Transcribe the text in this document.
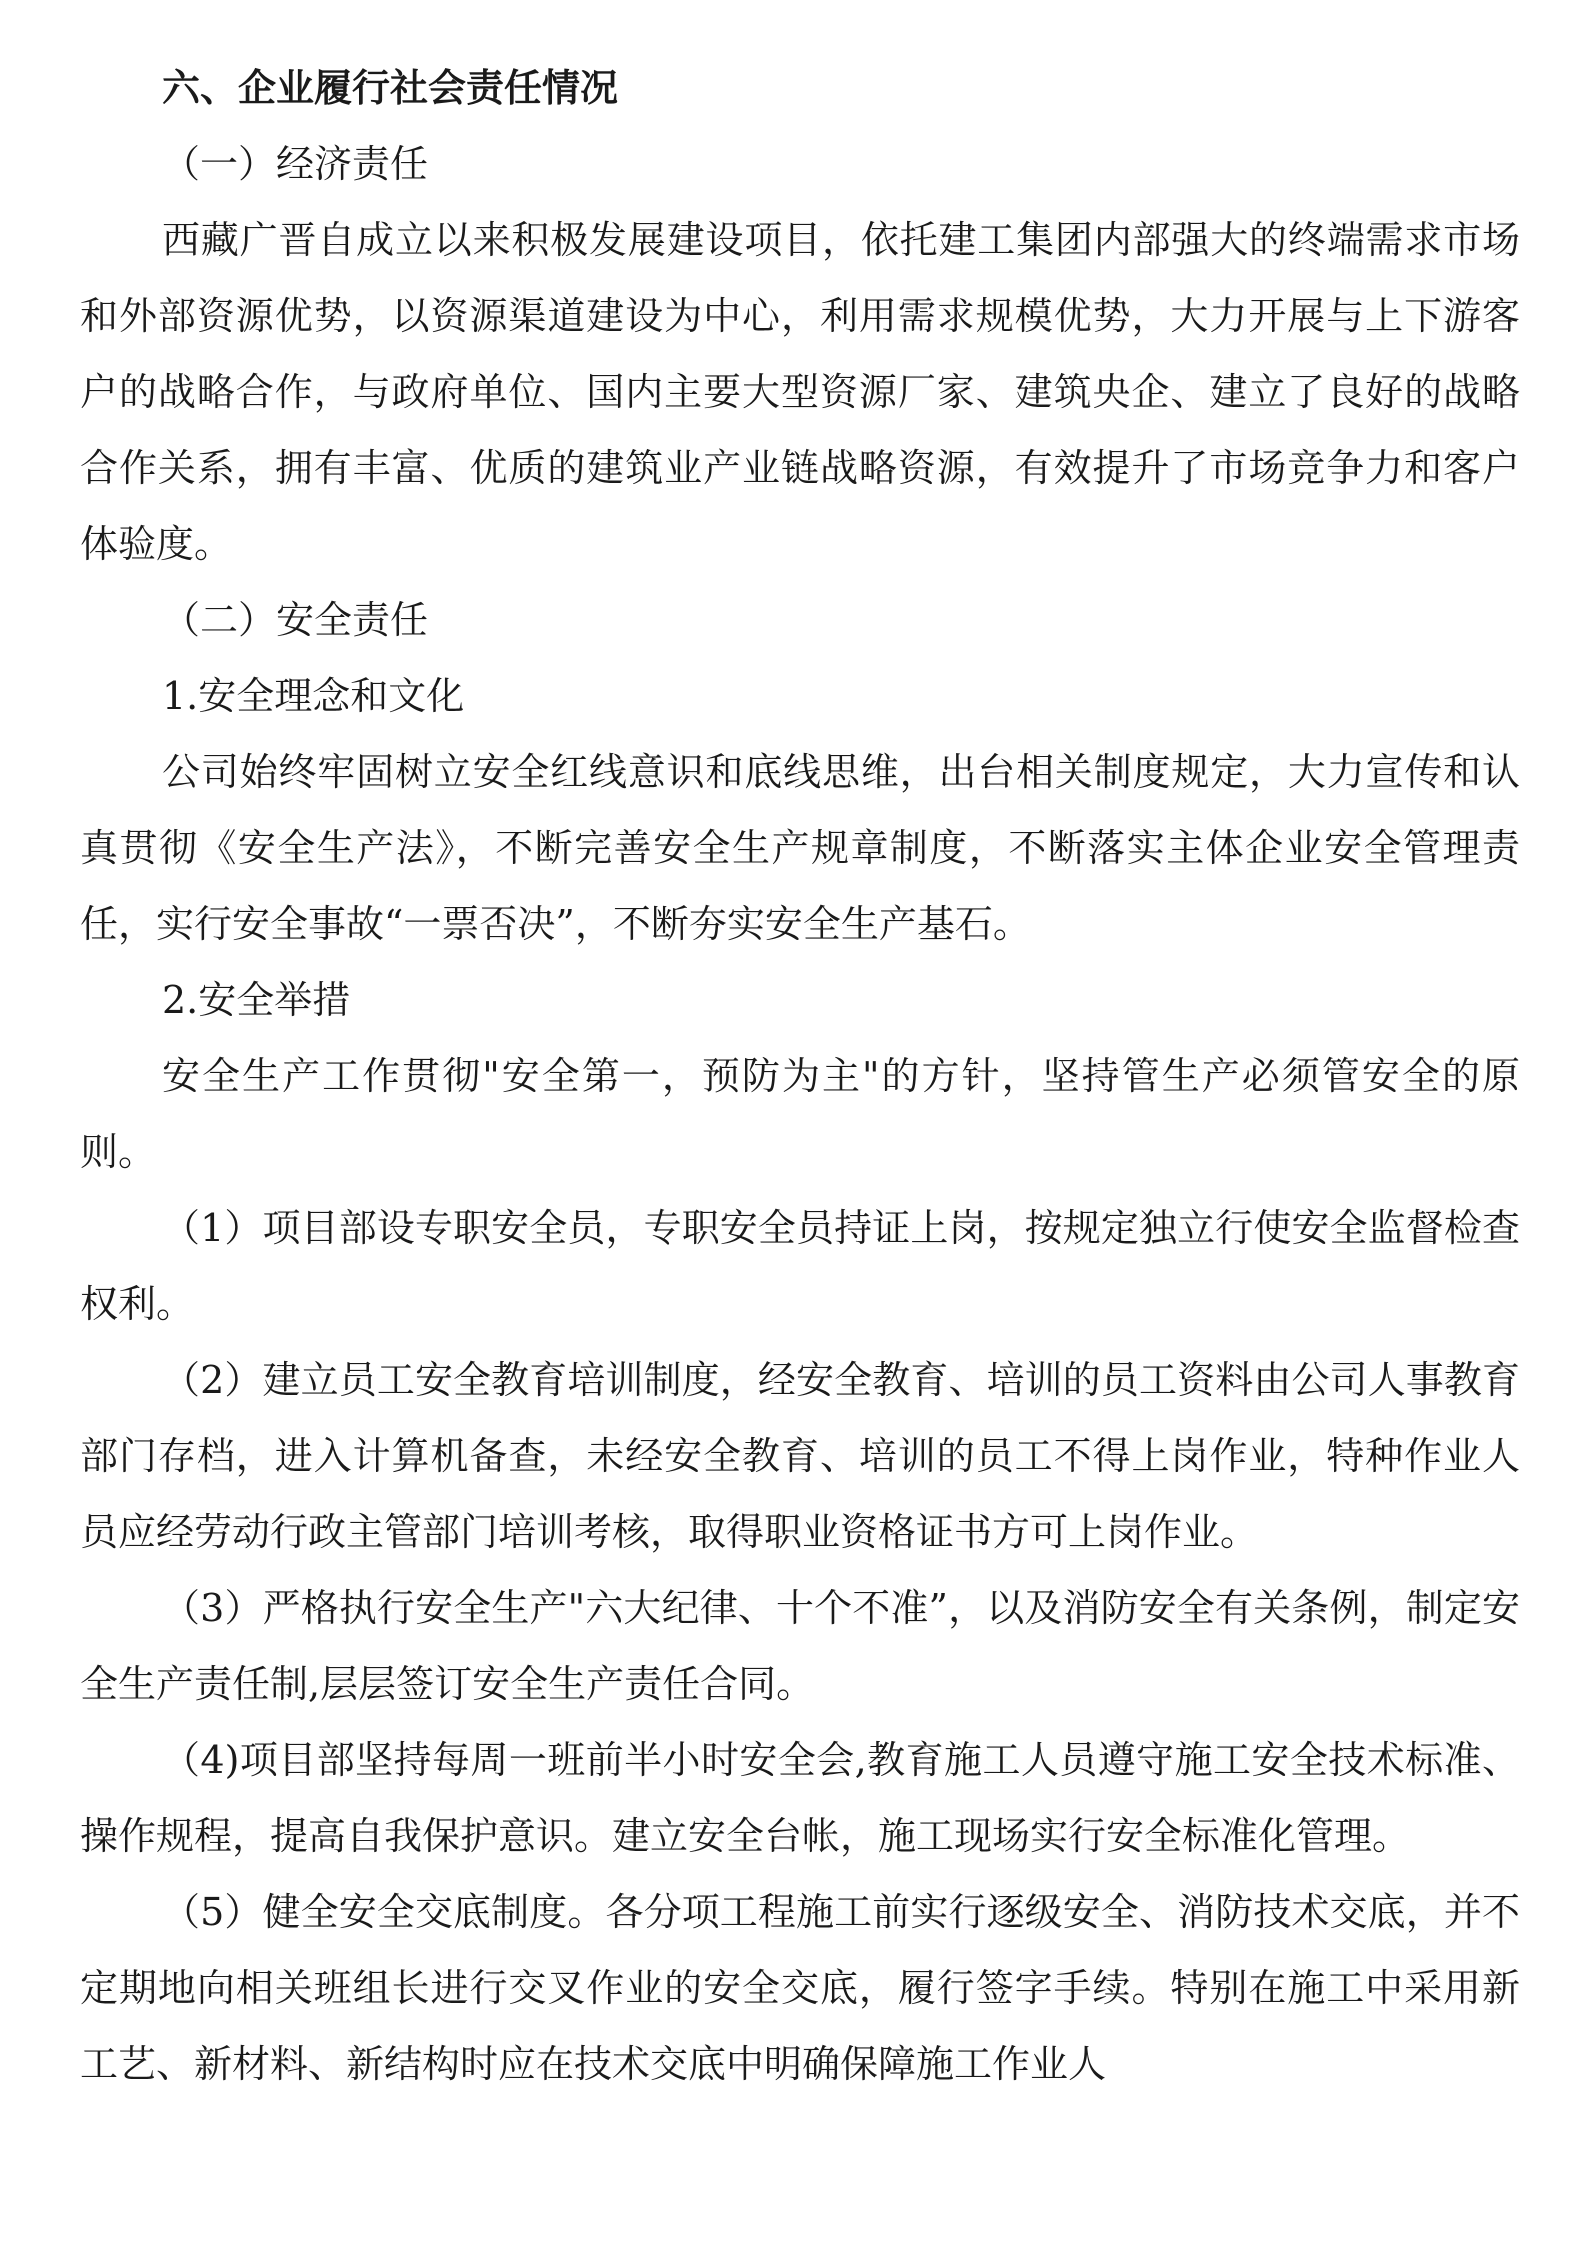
六、企业履行社会责任情况

（一）经济责任

西藏广晋自成立以来积极发展建设项目，依托建工集团内部强大的终端需求市场和外部资源优势，以资源渠道建设为中心，利用需求规模优势，大力开展与上下游客户的战略合作，与政府单位、国内主要大型资源厂家、建筑央企、建立了良好的战略合作关系，拥有丰富、优质的建筑业产业链战略资源，有效提升了市场竞争力和客户体验度。

（二）安全责任

1.安全理念和文化

公司始终牢固树立安全红线意识和底线思维，出台相关制度规定，大力宣传和认真贯彻《安全生产法》，不断完善安全生产规章制度，不断落实主体企业安全管理责任，实行安全事故“一票否决”，不断夯实安全生产基石。

2.安全举措

安全生产工作贯彻"安全第一，预防为主"的方针，坚持管生产必须管安全的原则。

（1）项目部设专职安全员，专职安全员持证上岗，按规定独立行使安全监督检查权利。

（2）建立员工安全教育培训制度，经安全教育、培训的员工资料由公司人事教育部门存档，进入计算机备查，未经安全教育、培训的员工不得上岗作业，特种作业人员应经劳动行政主管部门培训考核，取得职业资格证书方可上岗作业。

（3）严格执行安全生产"六大纪律、十个不准”，以及消防安全有关条例，制定安全生产责任制,层层签订安全生产责任合同。

（4)项目部坚持每周一班前半小时安全会,教育施工人员遵守施工安全技术标准、操作规程，提高自我保护意识。建立安全台帐，施工现场实行安全标准化管理。

（5）健全安全交底制度。各分项工程施工前实行逐级安全、消防技术交底，并不定期地向相关班组长进行交叉作业的安全交底，履行签字手续。特别在施工中采用新工艺、新材料、新结构时应在技术交底中明确保障施工作业人
